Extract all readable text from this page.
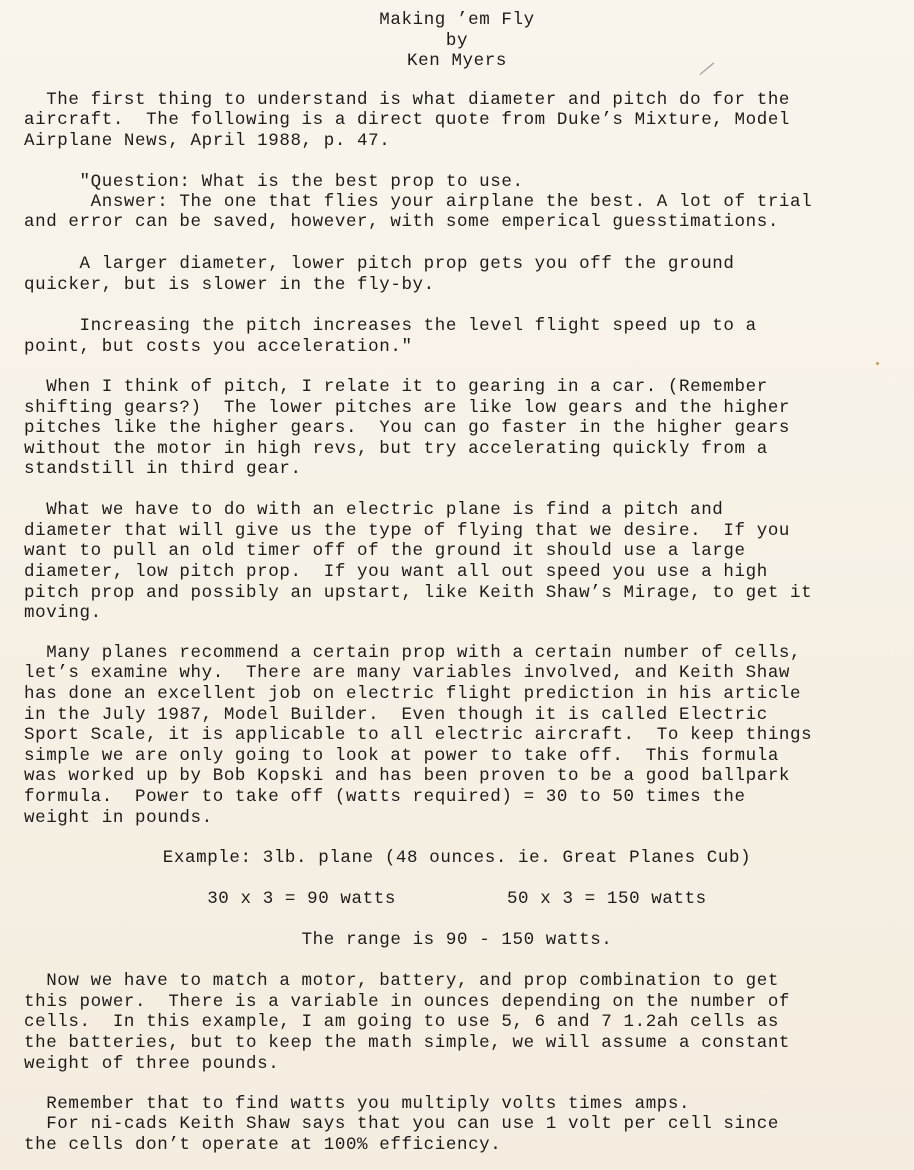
Making ’em Fly
by
Ken Myers
The first thing to understand is what diameter and pitch do for the
aircraft.  The following is a direct quote from Duke’s Mixture, Model
Airplane News, April 1988, p. 47.
"Question: What is the best prop to use.
Answer: The one that flies your airplane the best. A lot of trial
and error can be saved, however, with some emperical guesstimations.
A larger diameter, lower pitch prop gets you off the ground
quicker, but is slower in the fly-by.
Increasing the pitch increases the level flight speed up to a
point, but costs you acceleration."
When I think of pitch, I relate it to gearing in a car. (Remember
shifting gears?)  The lower pitches are like low gears and the higher
pitches like the higher gears.  You can go faster in the higher gears
without the motor in high revs, but try accelerating quickly from a
standstill in third gear.
What we have to do with an electric plane is find a pitch and
diameter that will give us the type of flying that we desire.  If you
want to pull an old timer off of the ground it should use a large
diameter, low pitch prop.  If you want all out speed you use a high
pitch prop and possibly an upstart, like Keith Shaw’s Mirage, to get it
moving.
Many planes recommend a certain prop with a certain number of cells,
let’s examine why.  There are many variables involved, and Keith Shaw
has done an excellent job on electric flight prediction in his article
in the July 1987, Model Builder.  Even though it is called Electric
Sport Scale, it is applicable to all electric aircraft.  To keep things
simple we are only going to look at power to take off.  This formula
was worked up by Bob Kopski and has been proven to be a good ballpark
formula.  Power to take off (watts required) = 30 to 50 times the
weight in pounds.
Example: 3lb. plane (48 ounces. ie. Great Planes Cub)
30 x 3 = 90 watts          50 x 3 = 150 watts
The range is 90 - 150 watts.
Now we have to match a motor, battery, and prop combination to get
this power.  There is a variable in ounces depending on the number of
cells.  In this example, I am going to use 5, 6 and 7 1.2ah cells as
the batteries, but to keep the math simple, we will assume a constant
weight of three pounds.
Remember that to find watts you multiply volts times amps.
For ni-cads Keith Shaw says that you can use 1 volt per cell since
the cells don’t operate at 100% efficiency.
